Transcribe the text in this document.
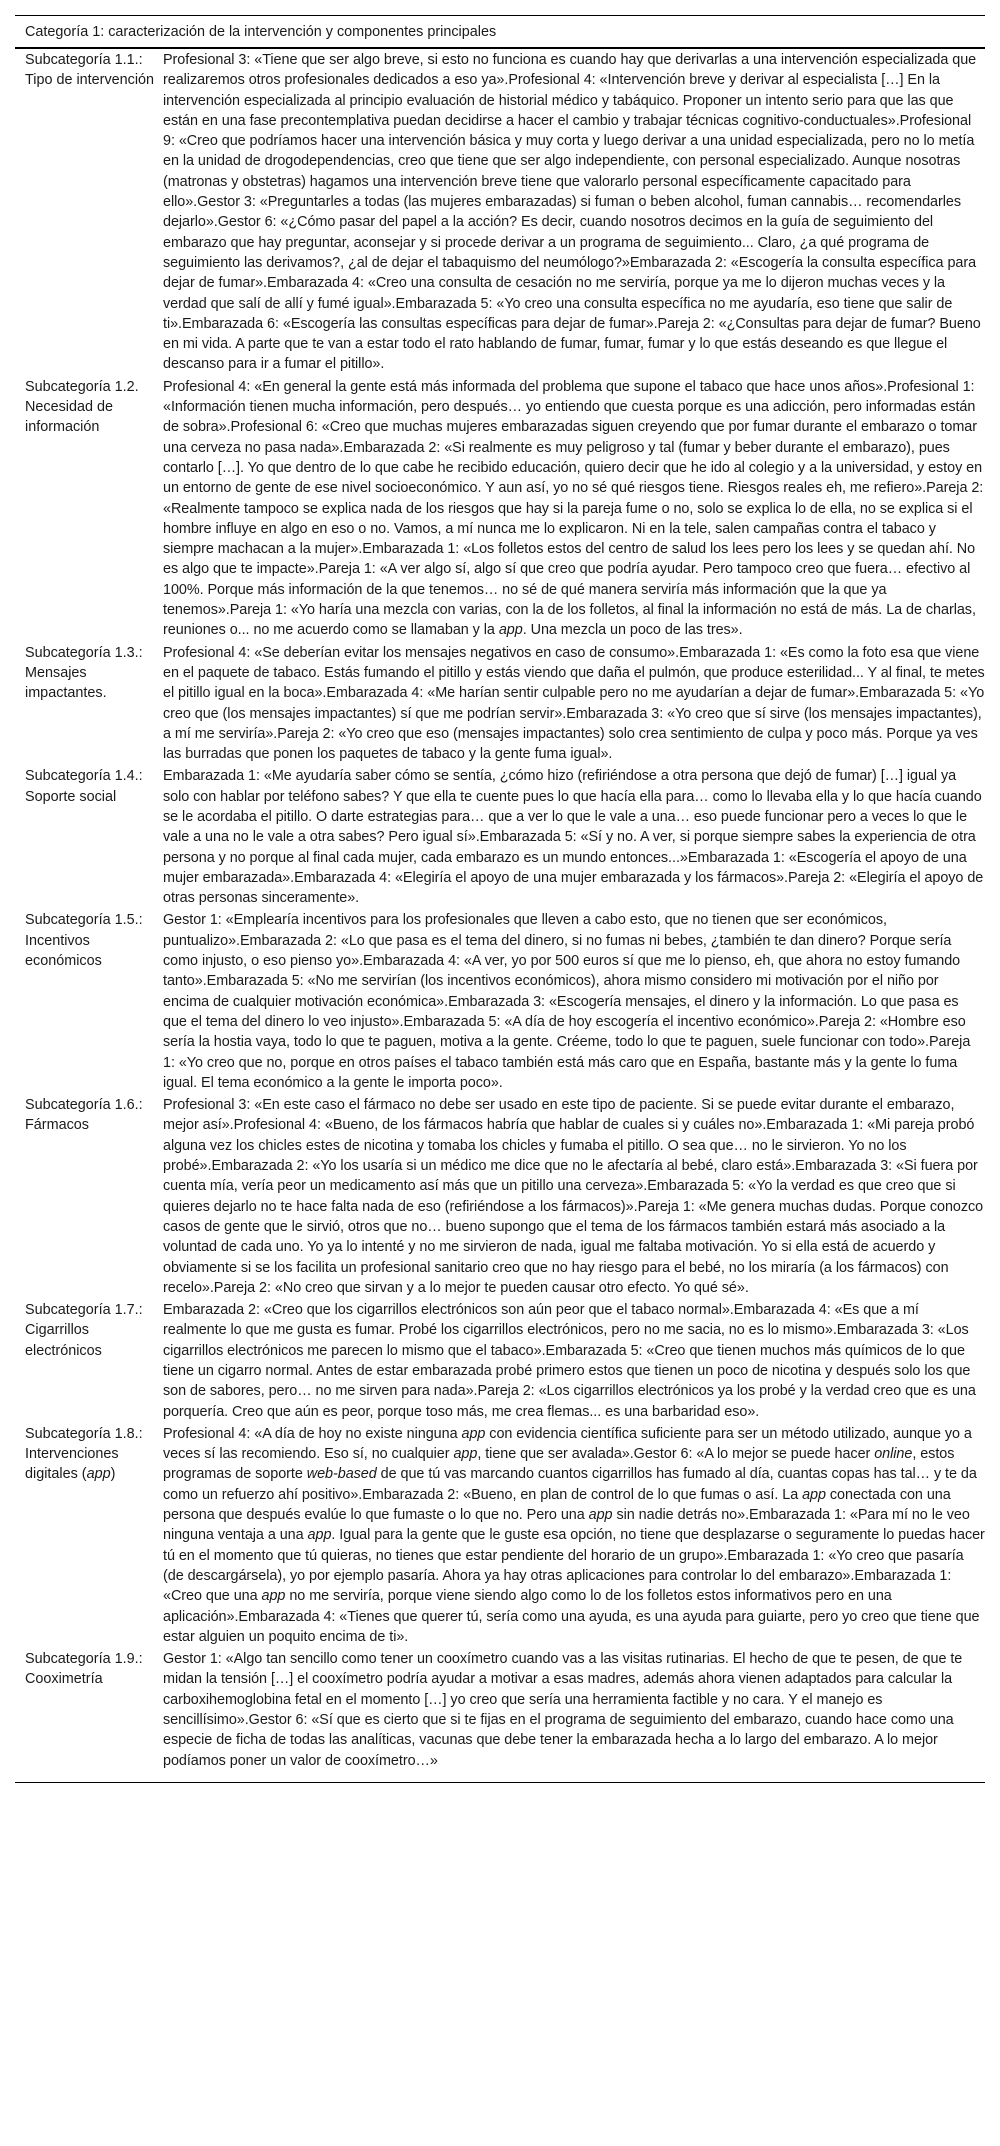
Categoría 1: caracterización de la intervención y componentes principales
Subcategoría 1.1.: Tipo de intervención
Profesional 3: «Tiene que ser algo breve, si esto no funciona es cuando hay que derivarlas a una intervención especializada que realizaremos otros profesionales dedicados a eso ya».Profesional 4: «Intervención breve y derivar al especialista […] En la intervención especializada al principio evaluación de historial médico y tabáquico. Proponer un intento serio para que las que están en una fase precontemplativa puedan decidirse a hacer el cambio y trabajar técnicas cognitivo-conductuales».Profesional 9: «Creo que podríamos hacer una intervención básica y muy corta y luego derivar a una unidad especializada, pero no lo metía en la unidad de drogodependencias, creo que tiene que ser algo independiente, con personal especializado. Aunque nosotras (matronas y obstetras) hagamos una intervención breve tiene que valorarlo personal específicamente capacitado para ello».Gestor 3: «Preguntarles a todas (las mujeres embarazadas) si fuman o beben alcohol, fuman cannabis… recomendarles dejarlo».Gestor 6: «¿Cómo pasar del papel a la acción? Es decir, cuando nosotros decimos en la guía de seguimiento del embarazo que hay preguntar, aconsejar y si procede derivar a un programa de seguimiento... Claro, ¿a qué programa de seguimiento las derivamos?, ¿al de dejar el tabaquismo del neumólogo?»Embarazada 2: «Escogería la consulta específica para dejar de fumar».Embarazada 4: «Creo una consulta de cesación no me serviría, porque ya me lo dijeron muchas veces y la verdad que salí de allí y fumé igual».Embarazada 5: «Yo creo una consulta específica no me ayudaría, eso tiene que salir de ti».Embarazada 6: «Escogería las consultas específicas para dejar de fumar».Pareja 2: «¿Consultas para dejar de fumar? Bueno en mi vida. A parte que te van a estar todo el rato hablando de fumar, fumar, fumar y lo que estás deseando es que llegue el descanso para ir a fumar el pitillo».
Subcategoría 1.2. Necesidad de información
Profesional 4: «En general la gente está más informada del problema que supone el tabaco que hace unos años».Profesional 1: «Información tienen mucha información, pero después… yo entiendo que cuesta porque es una adicción, pero informadas están de sobra».Profesional 6: «Creo que muchas mujeres embarazadas siguen creyendo que por fumar durante el embarazo o tomar una cerveza no pasa nada».Embarazada 2: «Si realmente es muy peligroso y tal (fumar y beber durante el embarazo), pues contarlo […]. Yo que dentro de lo que cabe he recibido educación, quiero decir que he ido al colegio y a la universidad, y estoy en un entorno de gente de ese nivel socioeconómico. Y aun así, yo no sé qué riesgos tiene. Riesgos reales eh, me refiero».Pareja 2: «Realmente tampoco se explica nada de los riesgos que hay si la pareja fume o no, solo se explica lo de ella, no se explica si el hombre influye en algo en eso o no. Vamos, a mí nunca me lo explicaron. Ni en la tele, salen campañas contra el tabaco y siempre machacan a la mujer».Embarazada 1: «Los folletos estos del centro de salud los lees pero los lees y se quedan ahí. No es algo que te impacte».Pareja 1: «A ver algo sí, algo sí que creo que podría ayudar. Pero tampoco creo que fuera… efectivo al 100%. Porque más información de la que tenemos… no sé de qué manera serviría más información que la que ya tenemos».Pareja 1: «Yo haría una mezcla con varias, con la de los folletos, al final la información no está de más. La de charlas, reuniones o... no me acuerdo como se llamaban y la app. Una mezcla un poco de las tres».
Subcategoría 1.3.: Mensajes impactantes.
Profesional 4: «Se deberían evitar los mensajes negativos en caso de consumo».Embarazada 1: «Es como la foto esa que viene en el paquete de tabaco. Estás fumando el pitillo y estás viendo que daña el pulmón, que produce esterilidad... Y al final, te metes el pitillo igual en la boca».Embarazada 4: «Me harían sentir culpable pero no me ayudarían a dejar de fumar».Embarazada 5: «Yo creo que (los mensajes impactantes) sí que me podrían servir».Embarazada 3: «Yo creo que sí sirve (los mensajes impactantes), a mí me serviría».Pareja 2: «Yo creo que eso (mensajes impactantes) solo crea sentimiento de culpa y poco más. Porque ya ves las burradas que ponen los paquetes de tabaco y la gente fuma igual».
Subcategoría 1.4.: Soporte social
Embarazada 1: «Me ayudaría saber cómo se sentía, ¿cómo hizo (refiriéndose a otra persona que dejó de fumar) […] igual ya solo con hablar por teléfono sabes? Y que ella te cuente pues lo que hacía ella para… como lo llevaba ella y lo que hacía cuando se le acordaba el pitillo. O darte estrategias para… que a ver lo que le vale a una… eso puede funcionar pero a veces lo que le vale a una no le vale a otra sabes? Pero igual sí».Embarazada 5: «Sí y no. A ver, si porque siempre sabes la experiencia de otra persona y no porque al final cada mujer, cada embarazo es un mundo entonces...»Embarazada 1: «Escogería el apoyo de una mujer embarazada».Embarazada 4: «Elegiría el apoyo de una mujer embarazada y los fármacos».Pareja 2: «Elegiría el apoyo de otras personas sinceramente».
Subcategoría 1.5.: Incentivos económicos
Gestor 1: «Emplearía incentivos para los profesionales que lleven a cabo esto, que no tienen que ser económicos, puntualizo».Embarazada 2: «Lo que pasa es el tema del dinero, si no fumas ni bebes, ¿también te dan dinero? Porque sería como injusto, o eso pienso yo».Embarazada 4: «A ver, yo por 500 euros sí que me lo pienso, eh, que ahora no estoy fumando tanto».Embarazada 5: «No me servirían (los incentivos económicos), ahora mismo considero mi motivación por el niño por encima de cualquier motivación económica».Embarazada 3: «Escogería mensajes, el dinero y la información. Lo que pasa es que el tema del dinero lo veo injusto».Embarazada 5: «A día de hoy escogería el incentivo económico».Pareja 2: «Hombre eso sería la hostia vaya, todo lo que te paguen, motiva a la gente. Créeme, todo lo que te paguen, suele funcionar con todo».Pareja 1: «Yo creo que no, porque en otros países el tabaco también está más caro que en España, bastante más y la gente lo fuma igual. El tema económico a la gente le importa poco».
Subcategoría 1.6.: Fármacos
Profesional 3: «En este caso el fármaco no debe ser usado en este tipo de paciente. Si se puede evitar durante el embarazo, mejor así».Profesional 4: «Bueno, de los fármacos habría que hablar de cuales si y cuáles no».Embarazada 1: «Mi pareja probó alguna vez los chicles estes de nicotina y tomaba los chicles y fumaba el pitillo. O sea que… no le sirvieron. Yo no los probé».Embarazada 2: «Yo los usaría si un médico me dice que no le afectaría al bebé, claro está».Embarazada 3: «Si fuera por cuenta mía, vería peor un medicamento así más que un pitillo una cerveza».Embarazada 5: «Yo la verdad es que creo que si quieres dejarlo no te hace falta nada de eso (refiriéndose a los fármacos)».Pareja 1: «Me genera muchas dudas. Porque conozco casos de gente que le sirvió, otros que no… bueno supongo que el tema de los fármacos también estará más asociado a la voluntad de cada uno. Yo ya lo intenté y no me sirvieron de nada, igual me faltaba motivación. Yo si ella está de acuerdo y obviamente si se los facilita un profesional sanitario creo que no hay riesgo para el bebé, no los miraría (a los fármacos) con recelo».Pareja 2: «No creo que sirvan y a lo mejor te pueden causar otro efecto. Yo qué sé».
Subcategoría 1.7.: Cigarrillos electrónicos
Embarazada 2: «Creo que los cigarrillos electrónicos son aún peor que el tabaco normal».Embarazada 4: «Es que a mí realmente lo que me gusta es fumar. Probé los cigarrillos electrónicos, pero no me sacia, no es lo mismo».Embarazada 3: «Los cigarrillos electrónicos me parecen lo mismo que el tabaco».Embarazada 5: «Creo que tienen muchos más químicos de lo que tiene un cigarro normal. Antes de estar embarazada probé primero estos que tienen un poco de nicotina y después solo los que son de sabores, pero… no me sirven para nada».Pareja 2: «Los cigarrillos electrónicos ya los probé y la verdad creo que es una porquería. Creo que aún es peor, porque toso más, me crea flemas... es una barbaridad eso».
Subcategoría 1.8.: Intervenciones digitales (app)
Profesional 4: «A día de hoy no existe ninguna app con evidencia científica suficiente para ser un método utilizado, aunque yo a veces sí las recomiendo. Eso sí, no cualquier app, tiene que ser avalada».Gestor 6: «A lo mejor se puede hacer online, estos programas de soporte web-based de que tú vas marcando cuantos cigarrillos has fumado al día, cuantas copas has tal… y te da como un refuerzo ahí positivo».Embarazada 2: «Bueno, en plan de control de lo que fumas o así. La app conectada con una persona que después evalúe lo que fumaste o lo que no. Pero una app sin nadie detrás no».Embarazada 1: «Para mí no le veo ninguna ventaja a una app. Igual para la gente que le guste esa opción, no tiene que desplazarse o seguramente lo puedas hacer tú en el momento que tú quieras, no tienes que estar pendiente del horario de un grupo».Embarazada 1: «Yo creo que pasaría (de descargársela), yo por ejemplo pasaría. Ahora ya hay otras aplicaciones para controlar lo del embarazo».Embarazada 1: «Creo que una app no me serviría, porque viene siendo algo como lo de los folletos estos informativos pero en una aplicación».Embarazada 4: «Tienes que querer tú, sería como una ayuda, es una ayuda para guiarte, pero yo creo que tiene que estar alguien un poquito encima de ti».
Subcategoría 1.9.: Cooximetría
Gestor 1: «Algo tan sencillo como tener un cooxímetro cuando vas a las visitas rutinarias. El hecho de que te pesen, de que te midan la tensión […] el cooxímetro podría ayudar a motivar a esas madres, además ahora vienen adaptados para calcular la carboxihemoglobina fetal en el momento […] yo creo que sería una herramienta factible y no cara. Y el manejo es sencillísimo».Gestor 6: «Sí que es cierto que si te fijas en el programa de seguimiento del embarazo, cuando hace como una especie de ficha de todas las analíticas, vacunas que debe tener la embarazada hecha a lo largo del embarazo. A lo mejor podíamos poner un valor de cooxímetro…»
